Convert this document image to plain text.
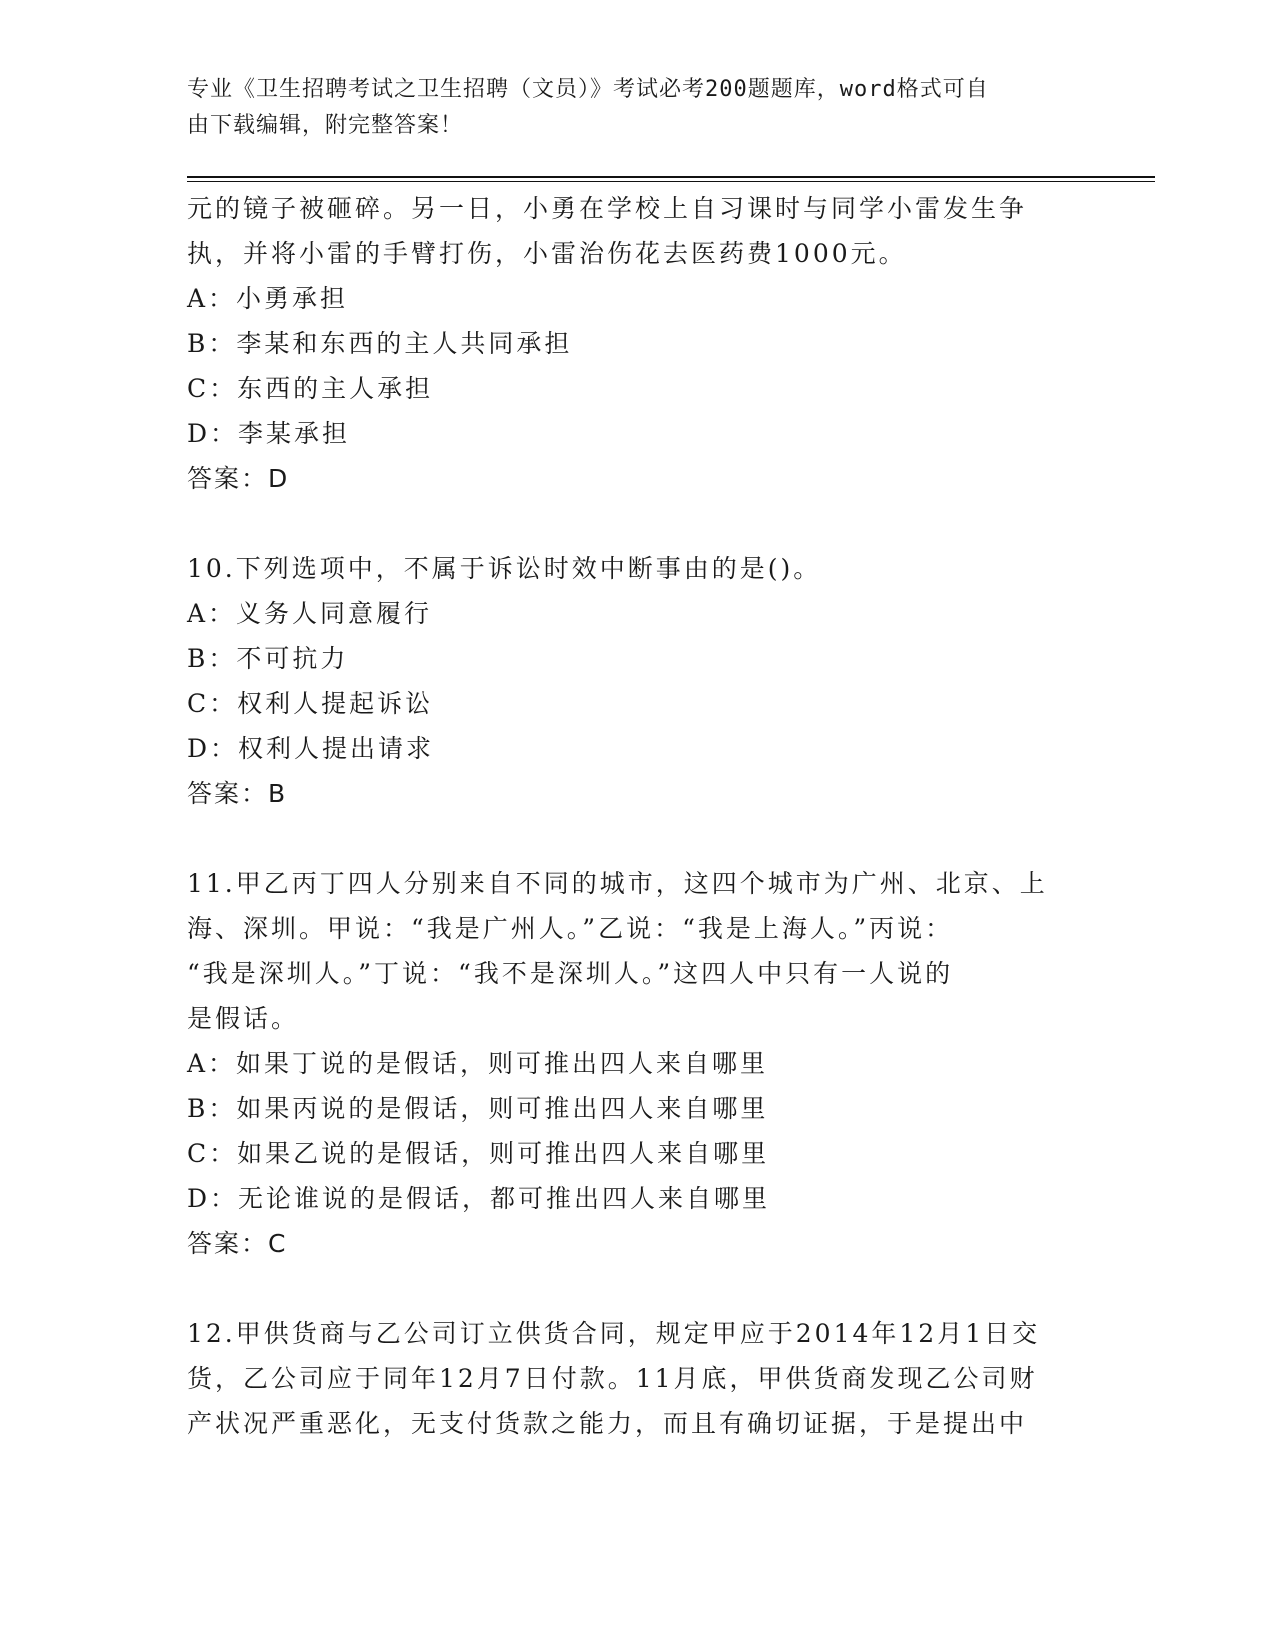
专业《卫生招聘考试之卫生招聘（文员）》考试必考200题题库，word格式可自
由下载编辑，附完整答案！
元的镜子被砸碎。另一日，小勇在学校上自习课时与同学小雷发生争
执，并将小雷的手臂打伤，小雷治伤花去医药费1000元。
A：小勇承担
B：李某和东西的主人共同承担
C：东西的主人承担
D：李某承担
答案：D
10.下列选项中，不属于诉讼时效中断事由的是()。
A：义务人同意履行
B：不可抗力
C：权利人提起诉讼
D：权利人提出请求
答案：B
11.甲乙丙丁四人分别来自不同的城市，这四个城市为广州、北京、上
海、深圳。甲说：“我是广州人。”乙说：“我是上海人。”丙说：
“我是深圳人。”丁说：“我不是深圳人。”这四人中只有一人说的
是假话。
A：如果丁说的是假话，则可推出四人来自哪里
B：如果丙说的是假话，则可推出四人来自哪里
C：如果乙说的是假话，则可推出四人来自哪里
D：无论谁说的是假话，都可推出四人来自哪里
答案：C
12.甲供货商与乙公司订立供货合同，规定甲应于2014年12月1日交
货，乙公司应于同年12月7日付款。11月底，甲供货商发现乙公司财
产状况严重恶化，无支付货款之能力，而且有确切证据，于是提出中
